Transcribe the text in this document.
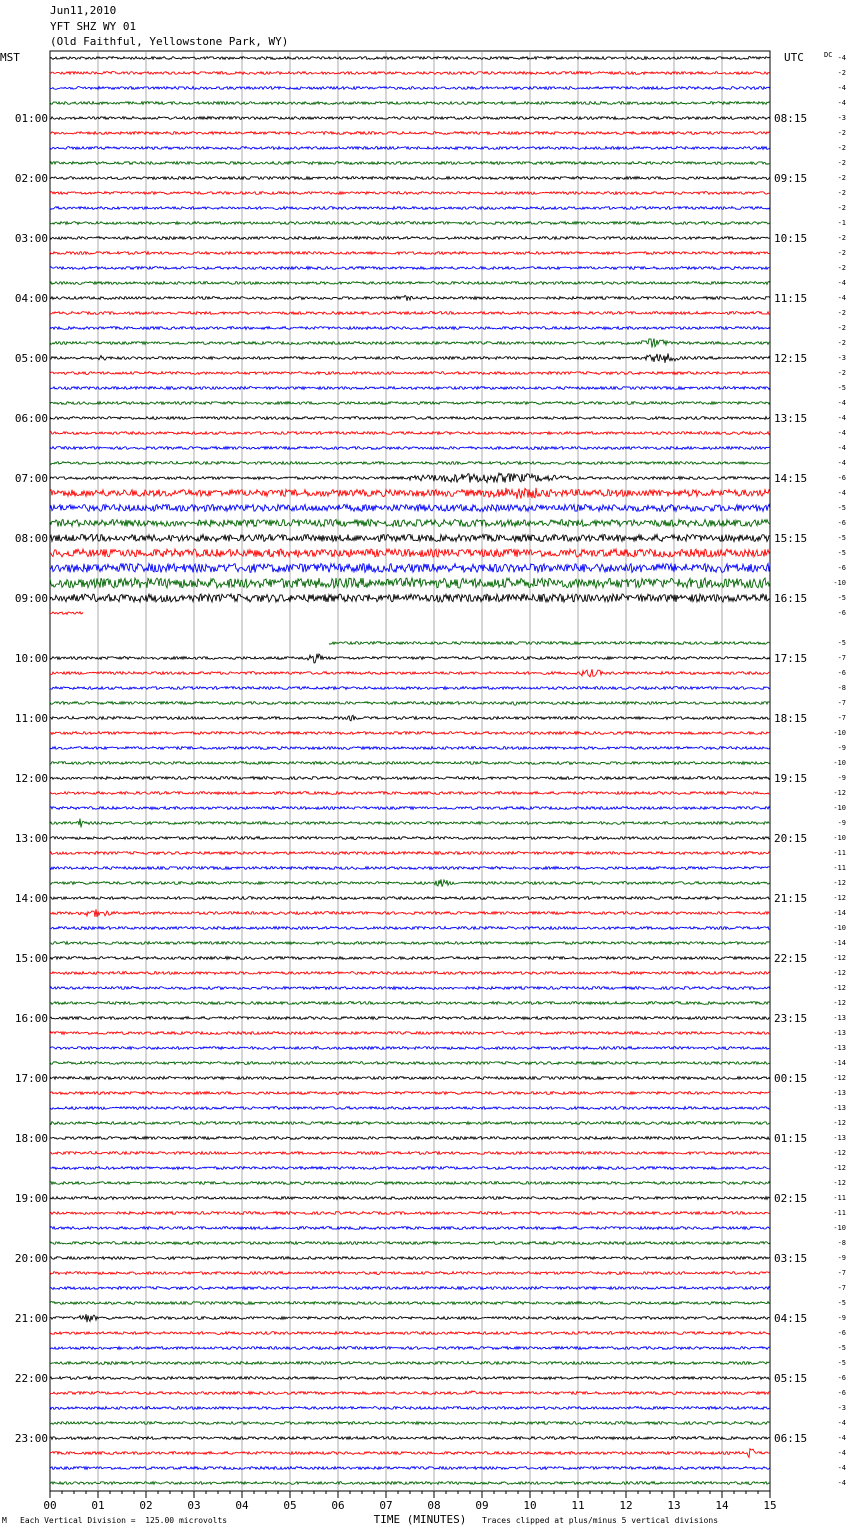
Jun11,2010
YFT SHZ WY 01
(Old Faithful, Yellowstone Park, WY)
00	01	02	03	04	05	06	07	08	09	10	11	12	13	14	15
MST	UTC	DC
TIME (MINUTES)
01:00
02:00
03:00
04:00
05:00
06:00
07:00
08:00
09:00
10:00
11:00
12:00
13:00
14:00
15:00
16:00
17:00
18:00
19:00
20:00
21:00
22:00
23:00
08:15
09:15
10:15
11:15
12:15
13:15
14:15
15:15
16:15
17:15
18:15
19:15
20:15
21:15
22:15
23:15
00:15
01:15
02:15
03:15
04:15
05:15
06:15
-4
-2
-4
-4
-3
-2
-2
-2
-2
-2
-2
-1
-2
-2
-2
-4
-4
-2
-2
-2
-3
-2
-5
-4
-4
-4
-4
-4
-6
-4
-5
-6
-5
-5
-6
-10
-5
-6
-5
-7
-6
-8
-7
-7
-10
-9
-10
-9
-12
-10
-9
-10
-11
-11
-12
-12
-14
-10
-14
-12
-12
-12
-12
-13
-13
-13
-14
-12
-13
-13
-12
-13
-12
-12
-12
-11
-11
-10
-8
-9
-7
-7
-5
-9
-6
-5
-5
-6
-6
-3
-4
-4
-4
-4
-4
M Each Vertical Division =  125.00 microvolts	Traces clipped at plus/minus 5 vertical divisions
